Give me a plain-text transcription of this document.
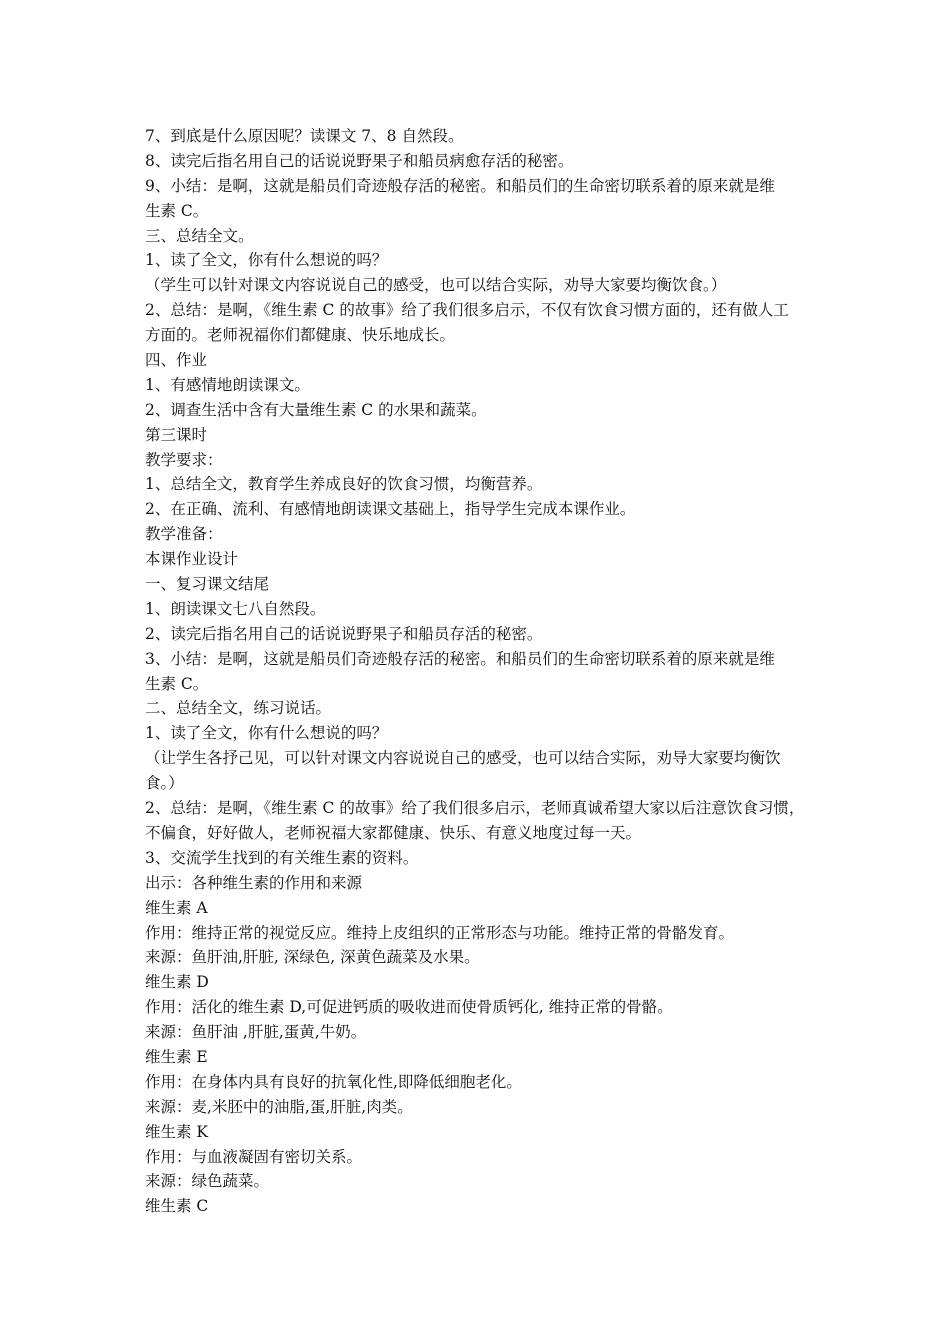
7、到底是什么原因呢？读课文 7、8 自然段。
8、读完后指名用自己的话说说野果子和船员病愈存活的秘密。
9、小结：是啊，这就是船员们奇迹般存活的秘密。和船员们的生命密切联系着的原来就是维
生素 C。
三、总结全文。
1、读了全文，你有什么想说的吗？
（学生可以针对课文内容说说自己的感受，也可以结合实际，劝导大家要均衡饮食。）
2、总结：是啊，《维生素 C 的故事》给了我们很多启示，不仅有饮食习惯方面的，还有做人工
方面的。老师祝福你们都健康、快乐地成长。
四、作业
1、有感情地朗读课文。
2、调查生活中含有大量维生素 C 的水果和蔬菜。
第三课时
教学要求：
1、总结全文，教育学生养成良好的饮食习惯，均衡营养。
2、在正确、流利、有感情地朗读课文基础上，指导学生完成本课作业。
教学准备：
本课作业设计
一、复习课文结尾
1、朗读课文七八自然段。
2、读完后指名用自己的话说说野果子和船员存活的秘密。
3、小结：是啊，这就是船员们奇迹般存活的秘密。和船员们的生命密切联系着的原来就是维
生素 C。
二、总结全文，练习说话。
1、读了全文，你有什么想说的吗？
（让学生各抒己见，可以针对课文内容说说自己的感受，也可以结合实际，劝导大家要均衡饮
食。）
2、总结：是啊，《维生素 C 的故事》给了我们很多启示，老师真诚希望大家以后注意饮食习惯，
不偏食，好好做人，老师祝福大家都健康、快乐、有意义地度过每一天。
3、交流学生找到的有关维生素的资料。
出示：各种维生素的作用和来源
维生素 A
作用：维持正常的视觉反应。维持上皮组织的正常形态与功能。维持正常的骨骼发育。
来源：鱼肝油,肝脏, 深绿色, 深黄色蔬菜及水果。
维生素 D
作用：活化的维生素 D,可促进钙质的吸收进而使骨质钙化, 维持正常的骨骼。
来源：鱼肝油 ,肝脏,蛋黄,牛奶。
维生素 E
作用：在身体内具有良好的抗氧化性,即降低细胞老化。
来源：麦,米胚中的油脂,蛋,肝脏,肉类。
维生素 K
作用：与血液凝固有密切关系。
来源：绿色蔬菜。
维生素 C
